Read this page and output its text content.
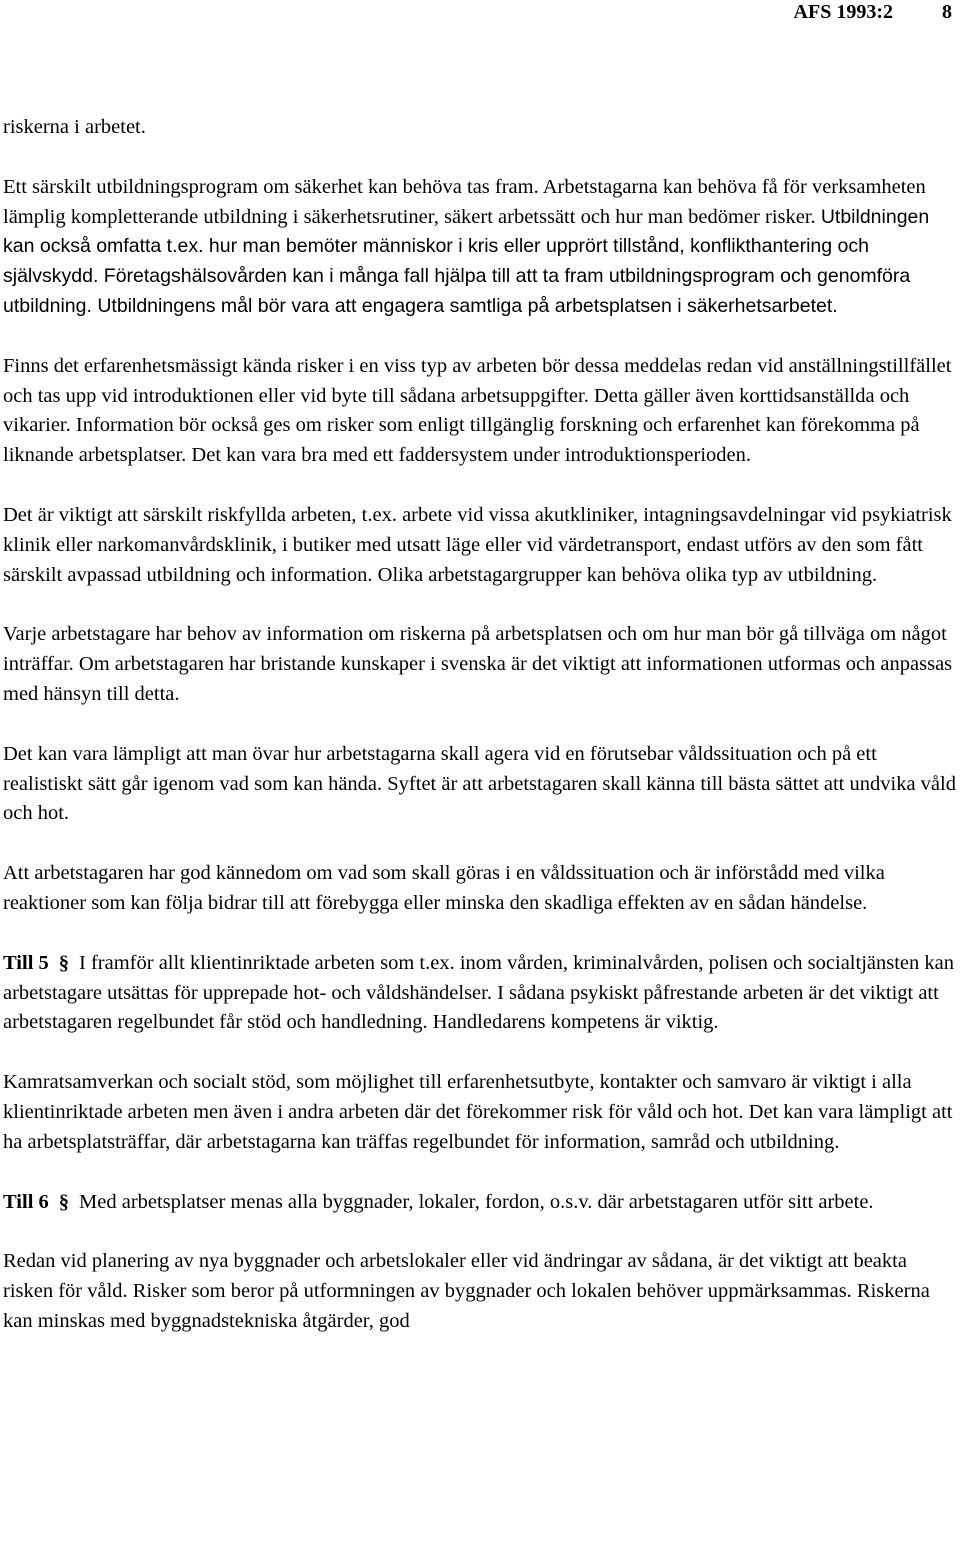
AFS 1993:2 8

riskerna i arbetet.

Ett särskilt utbildningsprogram om säkerhet kan behöva tas fram. Arbetstagarna kan behöva få för verksamheten lämplig kompletterande utbildning i säkerhetsrutiner, säkert arbetssätt och hur man bedömer risker. Utbildningen kan också omfatta t.ex. hur man bemöter människor i kris eller upprört tillstånd, konflikthantering och självskydd. Företagshälsovården kan i många fall hjälpa till att ta fram utbildningsprogram och genomföra utbildning. Utbildningens mål bör vara att engagera samtliga på arbetsplatsen i säkerhetsarbetet.

Finns det erfarenhetsmässigt kända risker i en viss typ av arbeten bör dessa meddelas redan vid anställningstillfället och tas upp vid introduktionen eller vid byte till sådana arbetsuppgifter. Detta gäller även korttidsanställda och vikarier. Information bör också ges om risker som enligt tillgänglig forskning och erfarenhet kan förekomma på liknande arbetsplatser. Det kan vara bra med ett faddersystem under introduktionsperioden.

Det är viktigt att särskilt riskfyllda arbeten, t.ex. arbete vid vissa akutkliniker, intagningsavdelningar vid psykiatrisk klinik eller narkomanvårdsklinik, i butiker med utsatt läge eller vid värdetransport, endast utförs av den som fått särskilt avpassad utbildning och information. Olika arbetstagargrupper kan behöva olika typ av utbildning.

Varje arbetstagare har behov av information om riskerna på arbetsplatsen och om hur man bör gå tillväga om något inträffar. Om arbetstagaren har bristande kunskaper i svenska är det viktigt att informationen utformas och anpassas med hänsyn till detta.

Det kan vara lämpligt att man övar hur arbetstagarna skall agera vid en förutsebar våldssituation och på ett realistiskt sätt går igenom vad som kan hända. Syftet är att arbetstagaren skall känna till bästa sättet att undvika våld och hot.

Att arbetstagaren har god kännedom om vad som skall göras i en våldssituation och är införstådd med vilka reaktioner som kan följa bidrar till att förebygga eller minska den skadliga effekten av en sådan händelse.

Till 5 § I framför allt klientinriktade arbeten som t.ex. inom vården, kriminalvården, polisen och socialtjänsten kan arbetstagare utsättas för upprepade hot- och våldshändelser. I sådana psykiskt påfrestande arbeten är det viktigt att arbetstagaren regelbundet får stöd och handledning. Handledarens kompetens är viktig.

Kamratsamverkan och socialt stöd, som möjlighet till erfarenhetsutbyte, kontakter och samvaro är viktigt i alla klientinriktade arbeten men även i andra arbeten där det förekommer risk för våld och hot. Det kan vara lämpligt att ha arbetsplatsträffar, där arbetstagarna kan träffas regelbundet för information, samråd och utbildning.

Till 6 § Med arbetsplatser menas alla byggnader, lokaler, fordon, o.s.v. där arbetstagaren utför sitt arbete.

Redan vid planering av nya byggnader och arbetslokaler eller vid ändringar av sådana, är det viktigt att beakta risken för våld. Risker som beror på utformningen av byggnader och lokalen behöver uppmärksammas. Riskerna kan minskas med byggnadstekniska åtgärder, god
